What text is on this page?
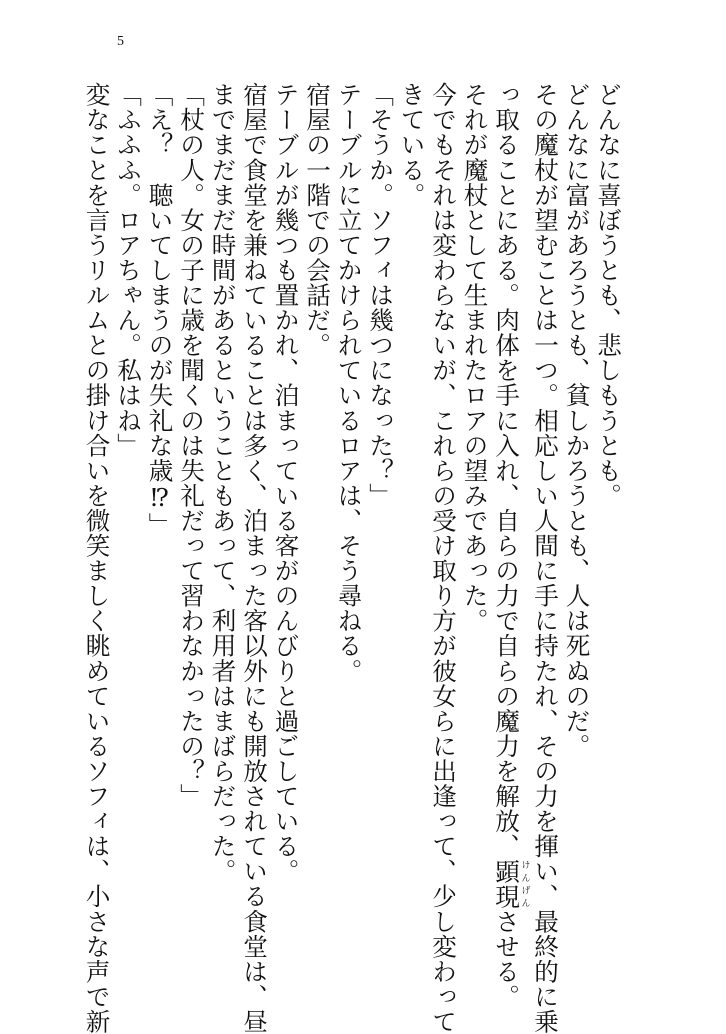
5
どんなに喜ぼうとも、悲しもうとも。
どんなに富があろうとも、貧しかろうとも、人は死ぬのだ。
その魔杖が望むことは一つ。相応しい人間に手に持たれ、その力を揮い、最終的に乗
っ取ることにある。肉体を手に入れ、自らの力で自らの魔力を解放、顕現けんげんさせる。
それが魔杖として生まれたロアの望みであった。
今でもそれは変わらないが、これらの受け取り方が彼女らに出逢って、少し変わって
きている。
「そうか。ソフィは幾つになった？」
テーブルに立てかけられているロアは、そう尋ねる。
宿屋の一階での会話だ。
テーブルが幾つも置かれ、泊まっている客がのんびりと過ごしている。
宿屋で食堂を兼ねていることは多く、泊まった客以外にも開放されている食堂は、昼
までまだまだ時間があるということもあって、利用者はまばらだった。
「杖の人。女の子に歳を聞くのは失礼だって習わなかったの？」
「え？　聴いてしまうのが失礼な歳⁉」
「ふふふ。ロアちゃん。私はね」
変なことを言うリルムとの掛け合いを微笑ましく眺めているソフィは、小さな声で新
